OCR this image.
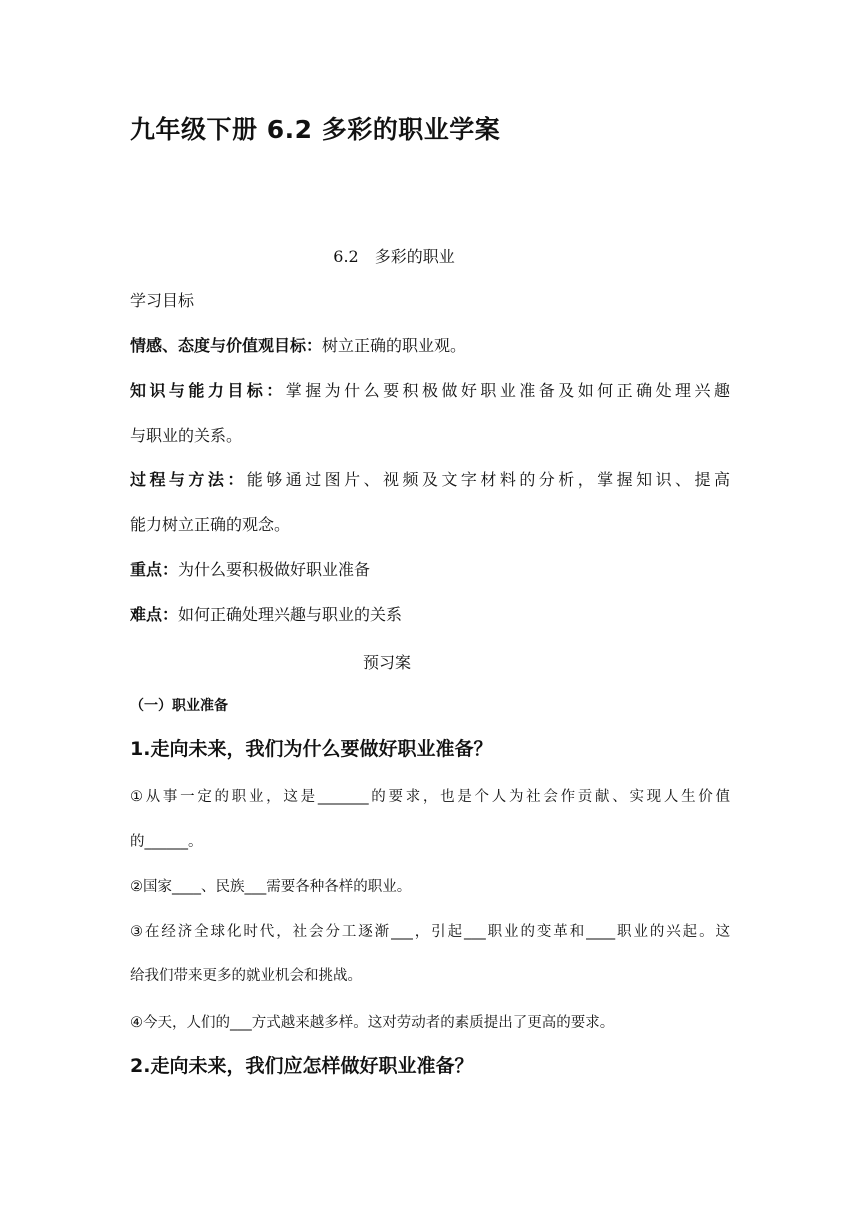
九年级下册 6.2 多彩的职业学案
6.2　多彩的职业
学习目标
情感、态度与价值观目标：树立正确的职业观。
知识与能力目标：掌握为什么要积极做好职业准备及如何正确处理兴趣
与职业的关系。
过程与方法：能够通过图片、视频及文字材料的分析，掌握知识、提高
能力树立正确的观念。
重点：为什么要积极做好职业准备
难点：如何正确处理兴趣与职业的关系
预习案
（一）职业准备
1.走向未来，我们为什么要做好职业准备？
①从事一定的职业，这是_______的要求，也是个人为社会作贡献、实现人生价值
的______。
②国家____、民族___需要各种各样的职业。
③在经济全球化时代，社会分工逐渐___，引起___职业的变革和____职业的兴起。这
给我们带来更多的就业机会和挑战。
④今天，人们的___方式越来越多样。这对劳动者的素质提出了更高的要求。
2.走向未来，我们应怎样做好职业准备？
